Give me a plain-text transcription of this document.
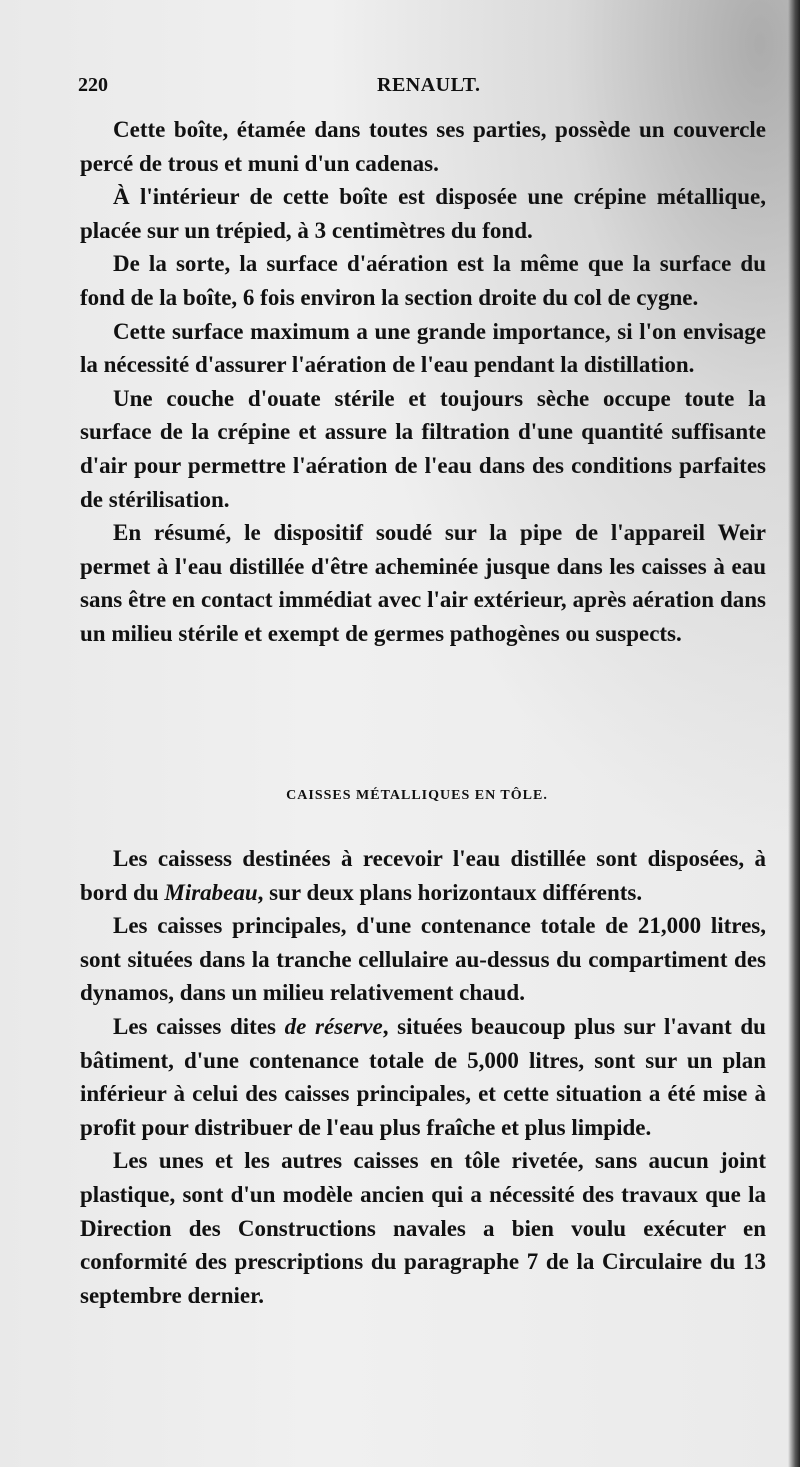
220	RENAULT.

Cette boîte, étamée dans toutes ses parties, possède un couvercle percé de trous et muni d'un cadenas.

À l'intérieur de cette boîte est disposée une crépine métallique, placée sur un trépied, à 3 centimètres du fond.

De la sorte, la surface d'aération est la même que la surface du fond de la boîte, 6 fois environ la section droite du col de cygne.

Cette surface maximum a une grande importance, si l'on envisage la nécessité d'assurer l'aération de l'eau pendant la distillation.

Une couche d'ouate stérile et toujours sèche occupe toute la surface de la crépine et assure la filtration d'une quantité suffisante d'air pour permettre l'aération de l'eau dans des conditions parfaites de stérilisation.

En résumé, le dispositif soudé sur la pipe de l'appareil Weir permet à l'eau distillée d'être acheminée jusque dans les caisses à eau sans être en contact immédiat avec l'air extérieur, après aération dans un milieu stérile et exempt de germes pathogènes ou suspects.

CAISSES MÉTALLIQUES EN TÔLE.

Les caissess destinées à recevoir l'eau distillée sont disposées, à bord du Mirabeau, sur deux plans horizontaux différents.

Les caisses principales, d'une contenance totale de 21,000 litres, sont situées dans la tranche cellulaire au-dessus du compartiment des dynamos, dans un milieu relativement chaud.

Les caisses dites de réserve, situées beaucoup plus sur l'avant du bâtiment, d'une contenance totale de 5,000 litres, sont sur un plan inférieur à celui des caisses principales, et cette situation a été mise à profit pour distribuer de l'eau plus fraîche et plus limpide.

Les unes et les autres caisses en tôle rivetée, sans aucun joint plastique, sont d'un modèle ancien qui a nécessité des travaux que la Direction des Constructions navales a bien voulu exécuter en conformité des prescriptions du paragraphe 7 de la Circulaire du 13 septembre dernier.
